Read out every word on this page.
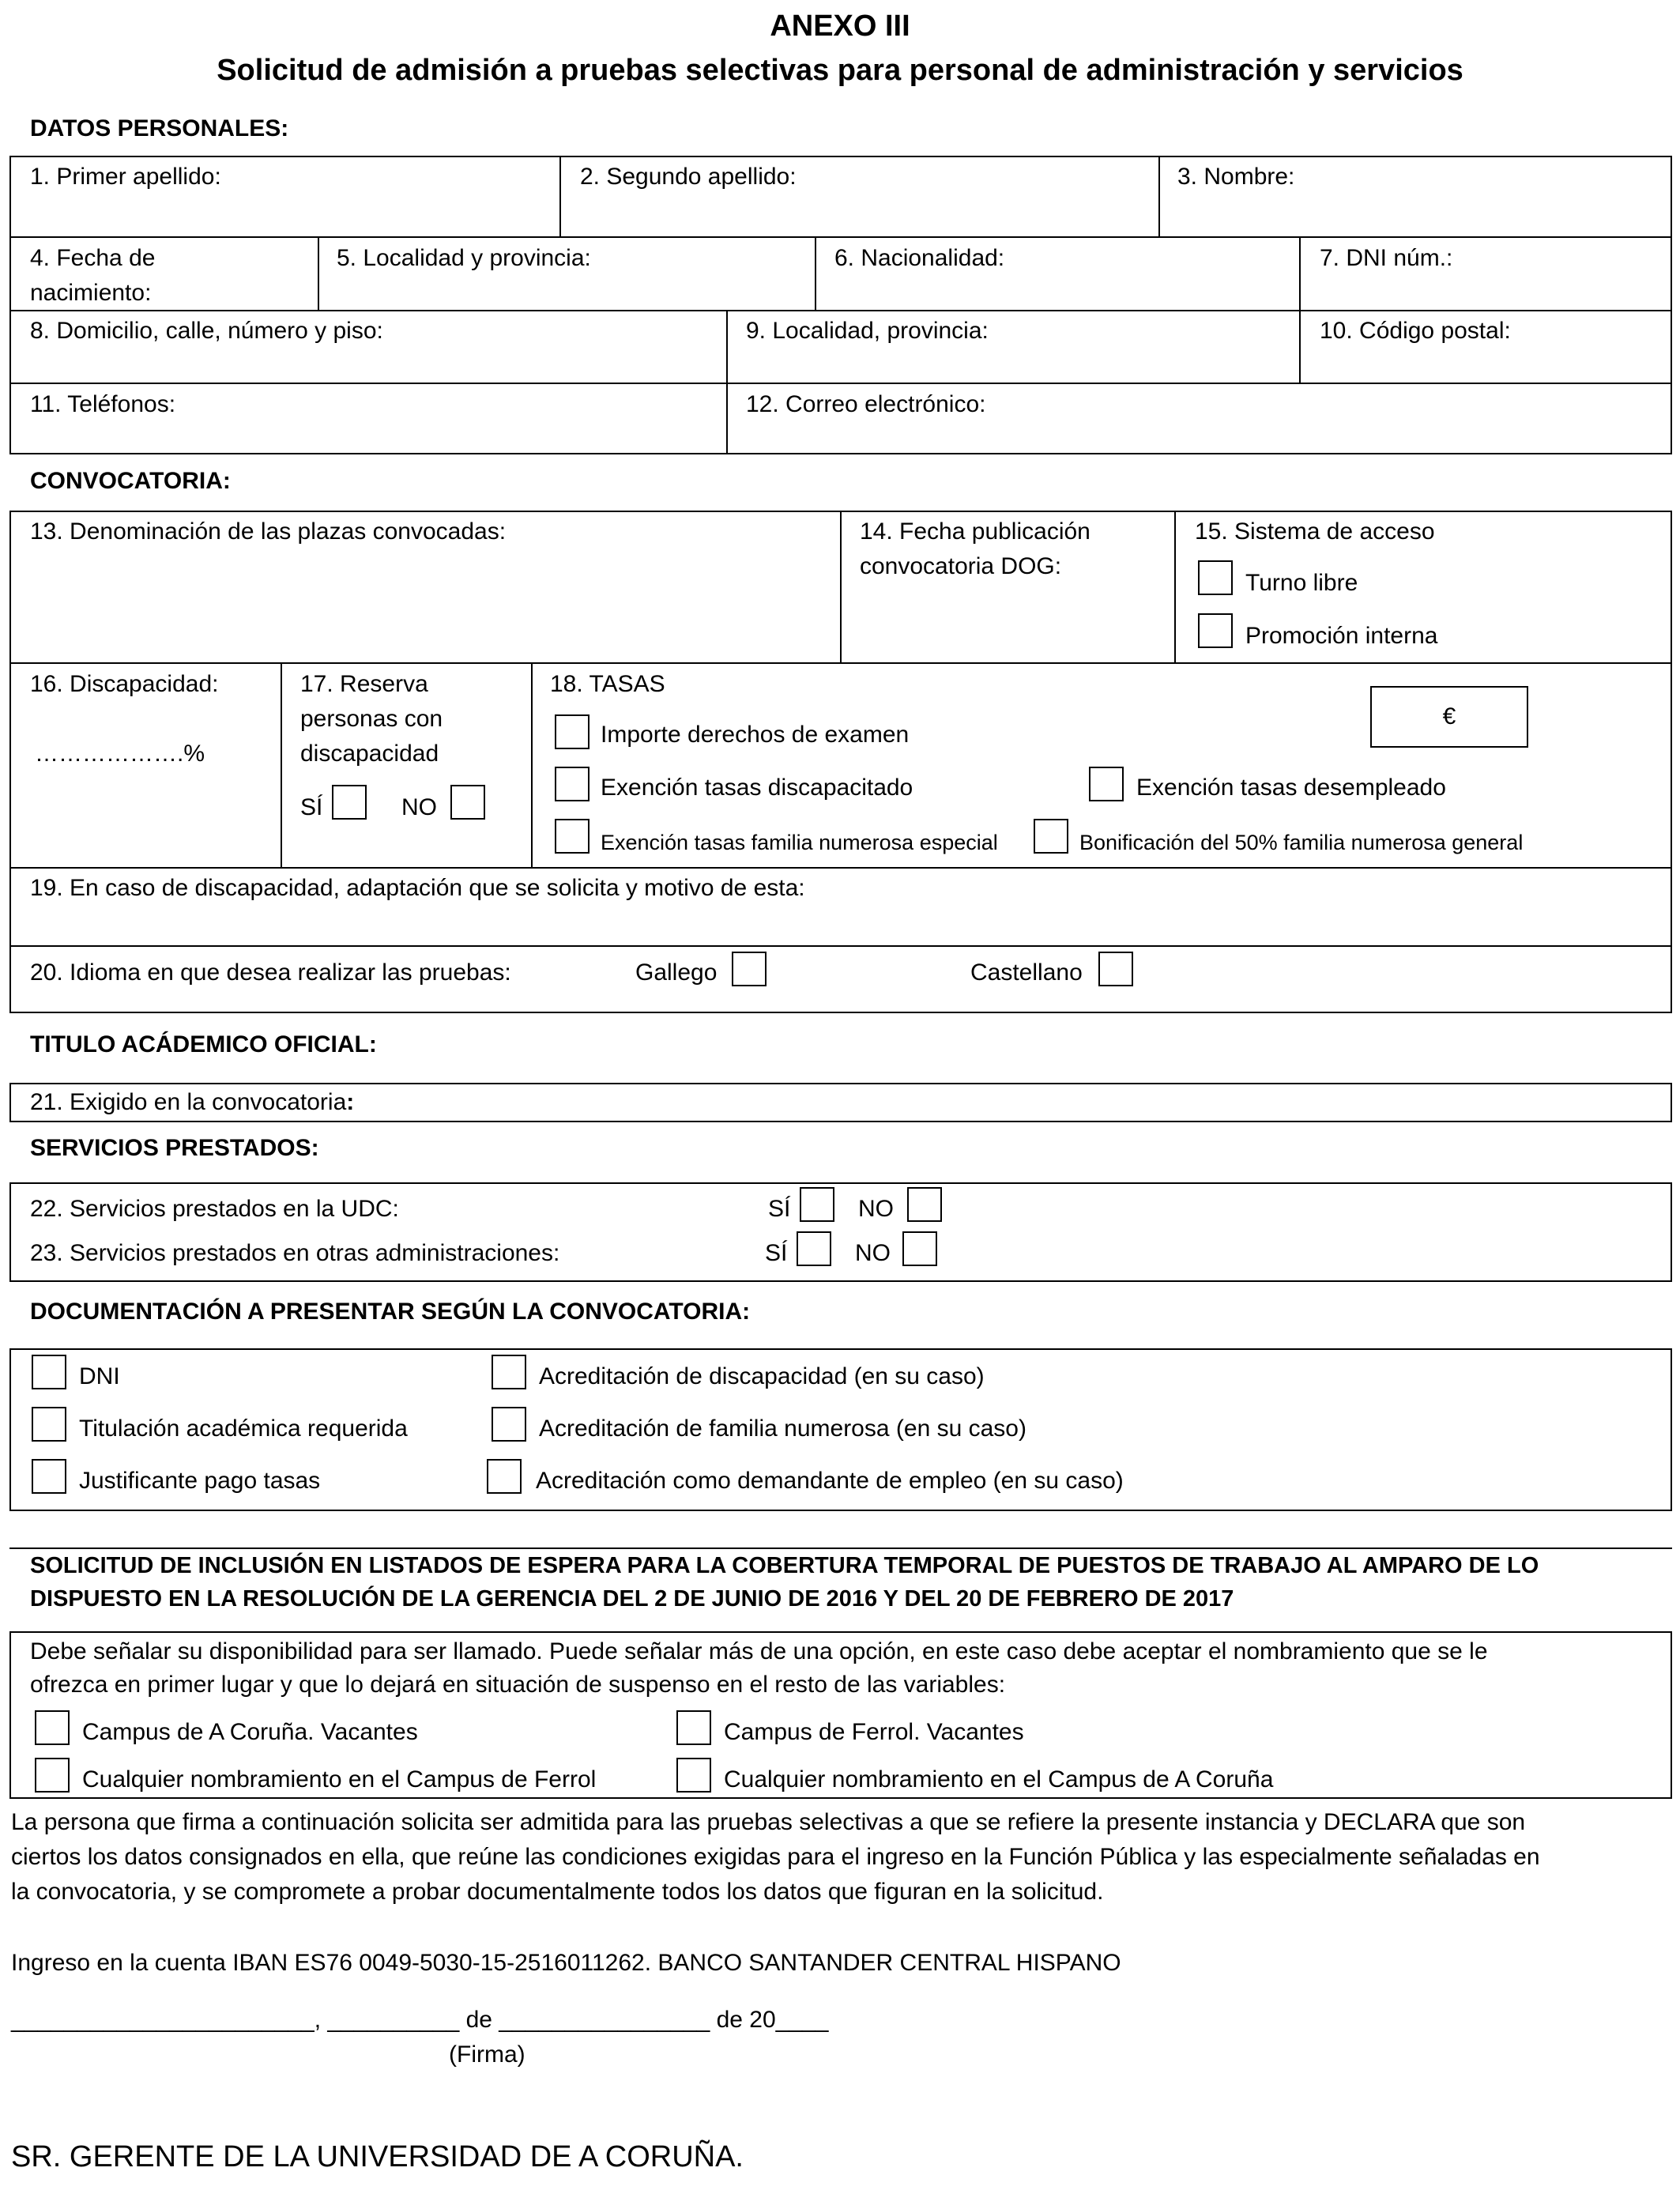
ANEXO III
Solicitud de admisión a pruebas selectivas para personal de administración y servicios
DATOS PERSONALES:
1. Primer apellido:	2. Segundo apellido:	3. Nombre:
4. Fecha de
nacimiento:
5. Localidad y provincia:	6. Nacionalidad:	7. DNI núm.:
8. Domicilio, calle, número y piso:	9. Localidad, provincia:	10. Código postal:
11. Teléfonos:	12. Correo electrónico:
CONVOCATORIA:
13. Denominación de las plazas convocadas:	14. Fecha publicación
convocatoria DOG:
15. Sistema de acceso
Turno libre
Promoción interna
16. Discapacidad:
……………….%
17. Reserva
personas con
discapacidad
SÍ	NO
18. TASAS
€
Importe derechos de examen
Exención tasas discapacitado	Exención tasas desempleado
Exención tasas familia numerosa especial	Bonificación del 50% familia numerosa general
19. En caso de discapacidad, adaptación que se solicita y motivo de esta:
20. Idioma en que desea realizar las pruebas:	Gallego	Castellano
TITULO ACÁDEMICO OFICIAL:
21. Exigido en la convocatoria:
SERVICIOS PRESTADOS:
22. Servicios prestados en la UDC:	SÍ	NO
23. Servicios prestados en otras administraciones:	SÍ	NO
DOCUMENTACIÓN A PRESENTAR SEGÚN LA CONVOCATORIA:
DNI
Titulación académica requerida
Justificante pago tasas
Acreditación de discapacidad (en su caso)
Acreditación de familia numerosa (en su caso)
Acreditación como demandante de empleo (en su caso)
SOLICITUD DE INCLUSIÓN EN LISTADOS DE ESPERA PARA LA COBERTURA TEMPORAL DE PUESTOS DE TRABAJO AL AMPARO DE LO
DISPUESTO EN LA RESOLUCIÓN DE LA GERENCIA DEL 2 DE JUNIO DE 2016 Y DEL 20 DE FEBRERO DE 2017
Debe señalar su disponibilidad para ser llamado. Puede señalar más de una opción, en este caso debe aceptar el nombramiento que se le
ofrezca en primer lugar y que lo dejará en situación de suspenso en el resto de las variables:
Campus de A Coruña. Vacantes	Campus de Ferrol. Vacantes
Cualquier nombramiento en el Campus de Ferrol	Cualquier nombramiento en el Campus de A Coruña
La persona que firma a continuación solicita ser admitida para las pruebas selectivas a que se refiere la presente instancia y DECLARA que son
ciertos los datos consignados en ella, que reúne las condiciones exigidas para el ingreso en la Función Pública y las especialmente señaladas en
la convocatoria, y se compromete a probar documentalmente todos los datos que figuran en la solicitud.
Ingreso en la cuenta IBAN ES76 0049-5030-15-2516011262. BANCO SANTANDER CENTRAL HISPANO
_______________________, __________ de ________________ de 20____
(Firma)
SR. GERENTE DE LA UNIVERSIDAD DE A CORUÑA.
